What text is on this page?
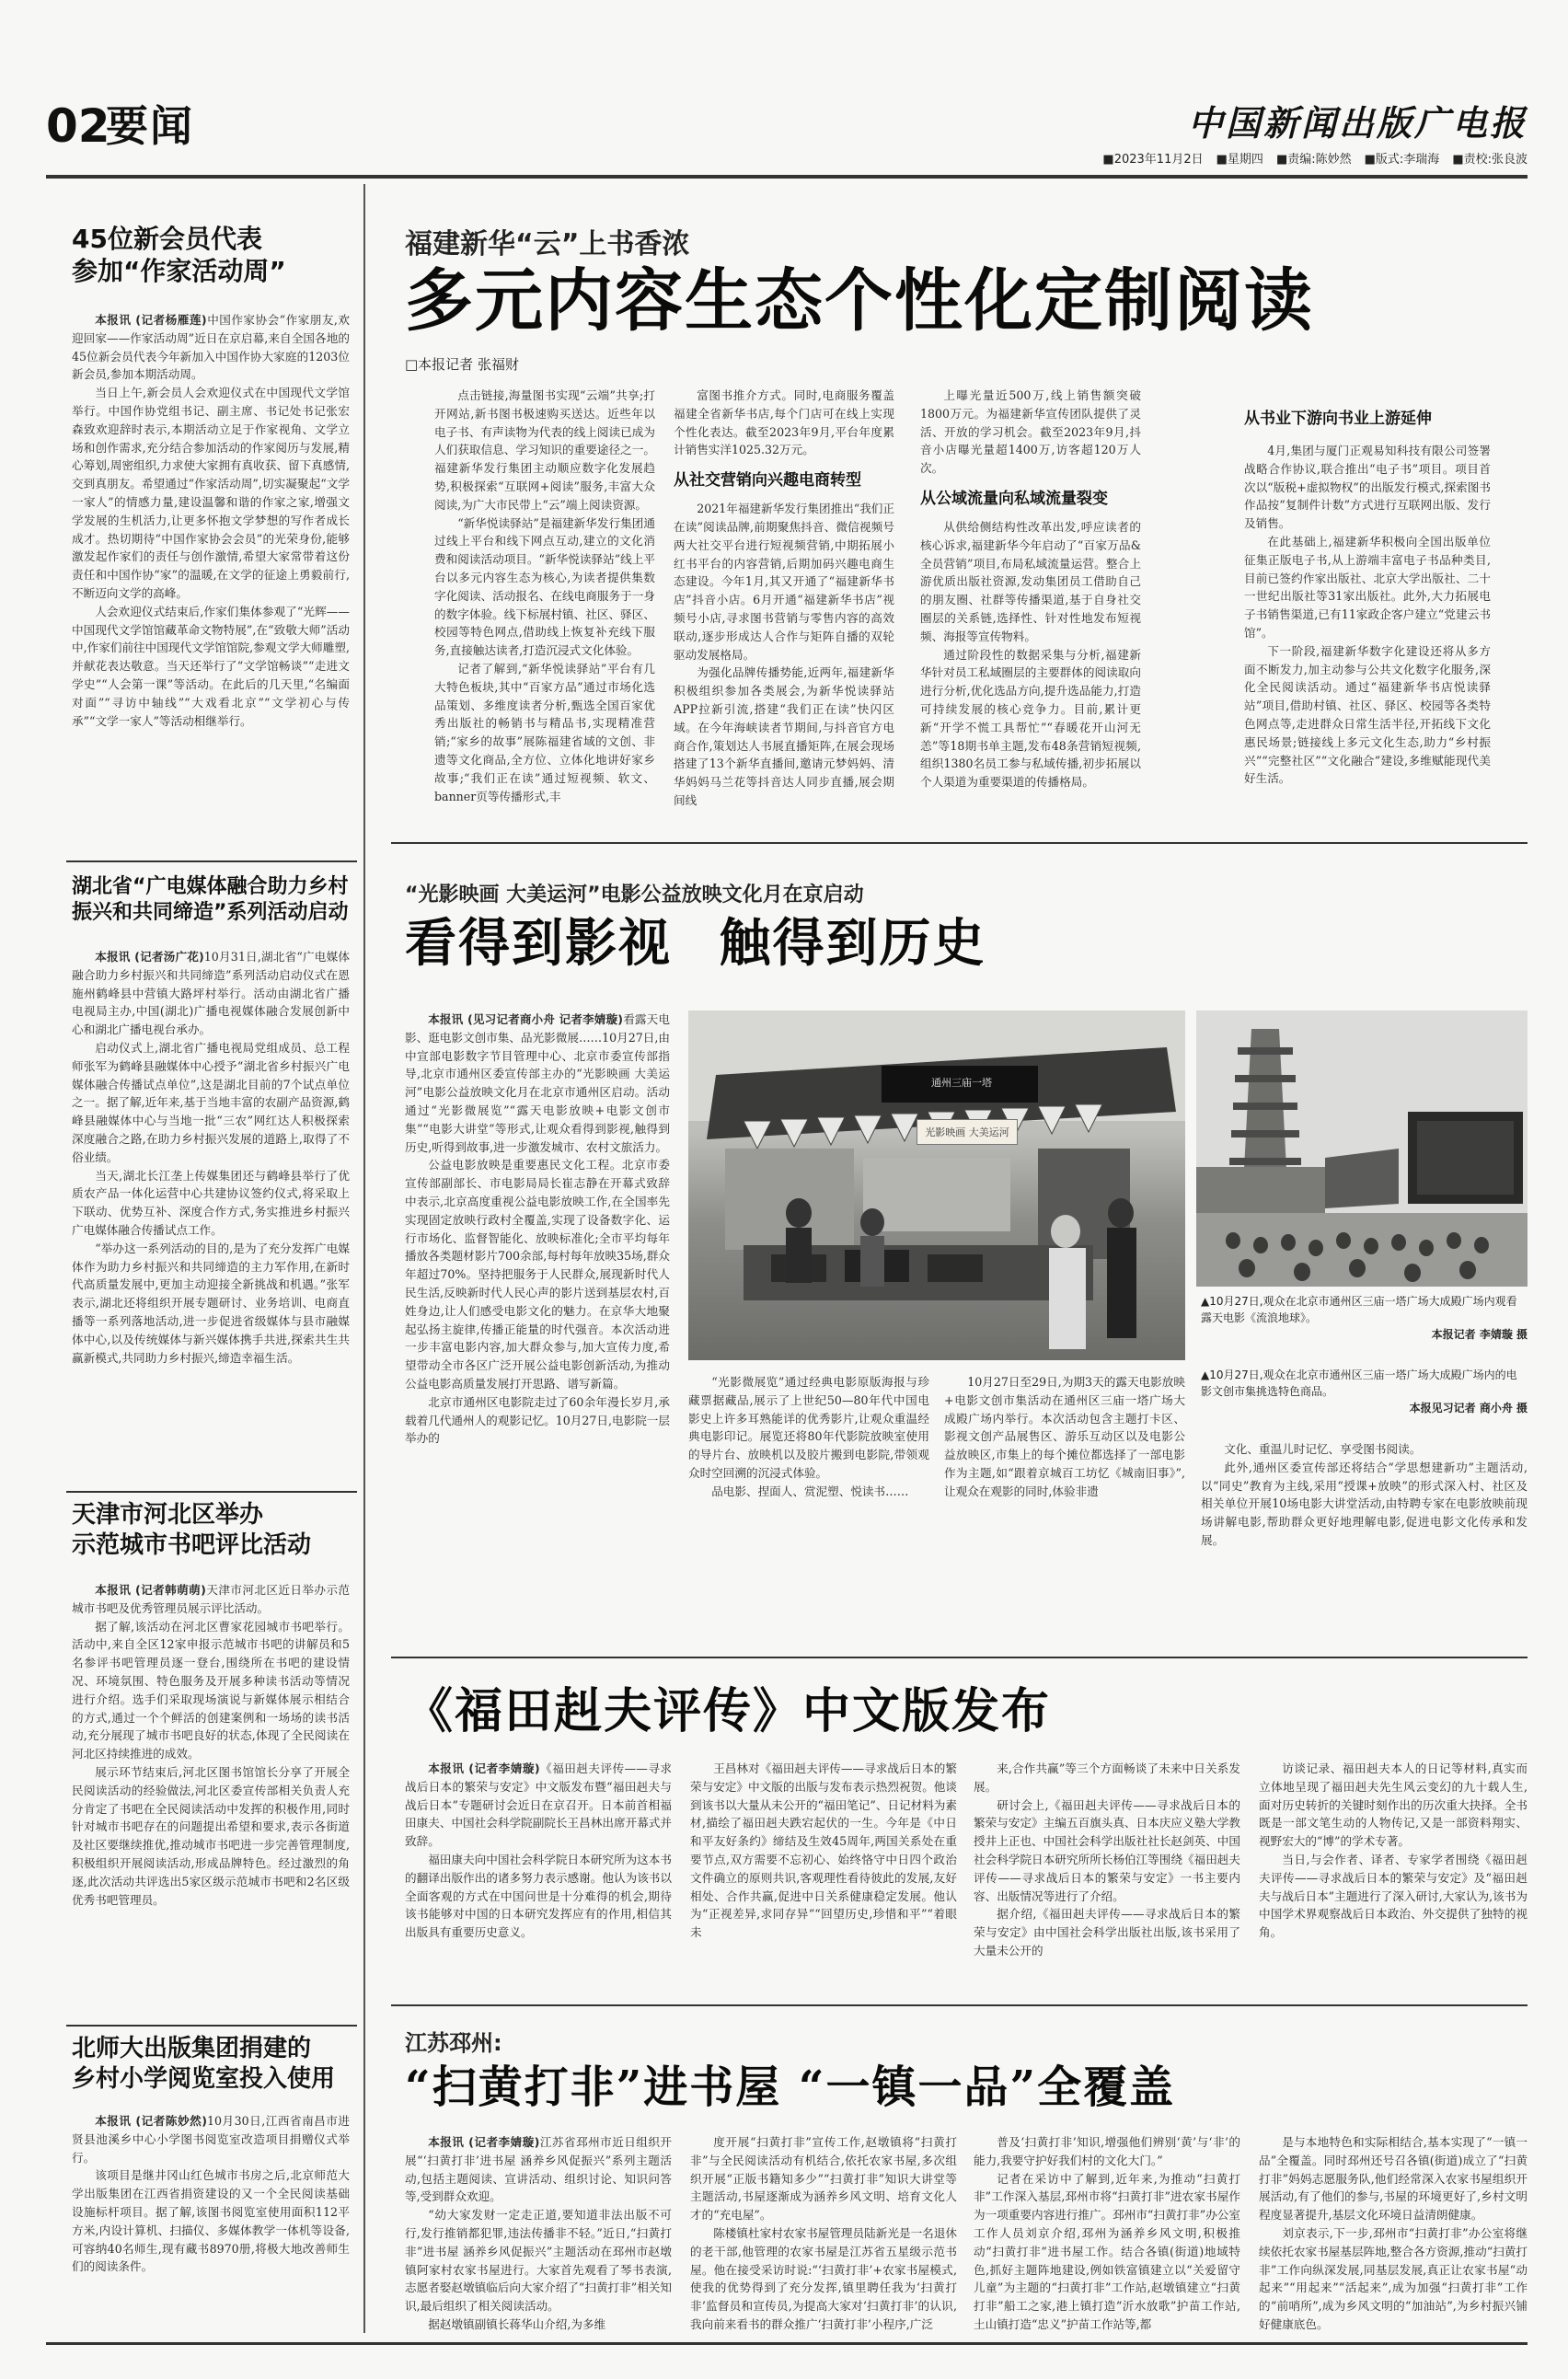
02
要闻	中国新闻出版广电报
■2023年11月2日 ■星期四 ■责编:陈妙然 ■版式:李瑞海 ■责校:张良波
45位新会员代表
参加“作家活动周”

本报讯 (记者杨雁莲)中国作家协会“作家朋友,欢迎回家——作家活动周”近日在京启幕,来自全国各地的45位新会员代表今年新加入中国作协大家庭的1203位新会员,参加本期活动周。

当日上午,新会员人会欢迎仪式在中国现代文学馆举行。中国作协党组书记、副主席、书记处书记张宏森致欢迎辞时表示,本期活动立足于作家视角、文学立场和创作需求,充分结合参加活动的作家阅历与发展,精心筹划,周密组织,力求使大家拥有真收获、留下真感情,交到真朋友。希望通过“作家活动周”,切实凝聚起“文学一家人”的情感力量,建设温馨和谐的作家之家,增强文学发展的生机活力,让更多怀抱文学梦想的写作者成长成才。热切期待“中国作家协会会员”的光荣身份,能够激发起作家们的责任与创作激情,希望大家常带着这份责任和中国作协“家”的温暖,在文学的征途上勇毅前行,不断迈向文学的高峰。

人会欢迎仪式结束后,作家们集体参观了“光辉——中国现代文学馆馆藏革命文物特展”,在“致敬大师”活动中,作家们前往中国现代文学馆馆院,参观文学大师雕塑,并献花表达敬意。当天还举行了“文学馆畅谈”“走进文学史”“人会第一课”等活动。在此后的几天里,“名编面对面”“寻访中轴线”“大戏看北京”“文学初心与传承”“文学一家人”等活动相继举行。

湖北省“广电媒体融合助力乡村
振兴和共同缔造”系列活动启动

本报讯 (记者汤广花)10月31日,湖北省“广电媒体融合助力乡村振兴和共同缔造”系列活动启动仪式在恩施州鹤峰县中营镇大路坪村举行。活动由湖北省广播电视局主办,中国(湖北)广播电视媒体融合发展创新中心和湖北广播电视台承办。

启动仪式上,湖北省广播电视局党组成员、总工程师张军为鹤峰县融媒体中心授予“湖北省乡村振兴广电媒体融合传播试点单位”,这是湖北目前的7个试点单位之一。据了解,近年来,基于当地丰富的农副产品资源,鹤峰县融媒体中心与当地一批“三农”网红达人积极探索深度融合之路,在助力乡村振兴发展的道路上,取得了不俗业绩。

当天,湖北长江垄上传媒集团还与鹤峰县举行了优质农产品一体化运营中心共建协议签约仪式,将采取上下联动、优势互补、深度合作方式,务实推进乡村振兴广电媒体融合传播试点工作。

“举办这一系列活动的目的,是为了充分发挥广电媒体作为助力乡村振兴和共同缔造的主力军作用,在新时代高质量发展中,更加主动迎接全新挑战和机遇。”张军表示,湖北还将组织开展专题研讨、业务培训、电商直播等一系列落地活动,进一步促进省级媒体与县市融媒体中心,以及传统媒体与新兴媒体携手共进,探索共生共赢新模式,共同助力乡村振兴,缔造幸福生活。

天津市河北区举办
示范城市书吧评比活动

本报讯 (记者韩萌萌)天津市河北区近日举办示范城市书吧及优秀管理员展示评比活动。

据了解,该活动在河北区曹家花园城市书吧举行。活动中,来自全区12家申报示范城市书吧的讲解员和5名参评书吧管理员逐一登台,围绕所在书吧的建设情况、环境氛围、特色服务及开展多种读书活动等情况进行介绍。选手们采取现场演说与新媒体展示相结合的方式,通过一个个鲜活的创建案例和一场场的读书活动,充分展现了城市书吧良好的状态,体现了全民阅读在河北区持续推进的成效。

展示环节结束后,河北区图书馆馆长分享了开展全民阅读活动的经验做法,河北区委宣传部相关负责人充分肯定了书吧在全民阅读活动中发挥的积极作用,同时针对城市书吧存在的问题提出希望和要求,表示各街道及社区要继续推优,推动城市书吧进一步完善管理制度,积极组织开展阅读活动,形成品牌特色。经过激烈的角逐,此次活动共评选出5家区级示范城市书吧和2名区级优秀书吧管理员。

北师大出版集团捐建的
乡村小学阅览室投入使用

本报讯 (记者陈妙然)10月30日,江西省南昌市进贤县池溪乡中心小学图书阅览室改造项目捐赠仪式举行。

该项目是继井冈山红色城市书房之后,北京师范大学出版集团在江西省捐资建设的又一个全民阅读基础设施标杆项目。据了解,该图书阅览室使用面积112平方米,内设计算机、扫描仪、多媒体教学一体机等设备,可容纳40名师生,现有藏书8970册,将极大地改善师生们的阅读条件。

福建新华“云”上书香浓
多元内容生态个性化定制阅读
□本报记者 张福财

点击链接,海量图书实现“云端”共享;打开网站,新书图书极速购买送达。近些年以电子书、有声读物为代表的线上阅读已成为人们获取信息、学习知识的重要途径之一。福建新华发行集团主动顺应数字化发展趋势,积极探索“互联网+阅读”服务,丰富大众阅读,为广大市民带上“云”端上阅读资源。

“新华悦读驿站”是福建新华发行集团通过线上平台和线下网点互动,建立的文化消费和阅读活动项目。“新华悦读驿站”线上平台以多元内容生态为核心,为读者提供集数字化阅读、活动报名、在线电商服务于一身的数字体验。线下标展村镇、社区、驿区、校园等特色网点,借助线上恢复补充线下服务,直接触达读者,打造沉浸式文化体验。

记者了解到,“新华悦读驿站”平台有几大特色板块,其中“百家方品”通过市场化选品策划、多维度读者分析,甄选全国百家优秀出版社的畅销书与精品书,实现精准营销;“家乡的故事”展陈福建省域的文创、非遗等文化商品,全方位、立体化地讲好家乡故事;“我们正在读”通过短视频、软文、banner页等传播形式,丰

富图书推介方式。同时,电商服务覆盖福建全省新华书店,每个门店可在线上实现个性化表达。截至2023年9月,平台年度累计销售实洋1025.32万元。

从社交营销向兴趣电商转型

2021年福建新华发行集团推出“我们正在读”阅读品牌,前期聚焦抖音、微信视频号两大社交平台进行短视频营销,中期拓展小红书平台的内容营销,后期加码兴趣电商生态建设。今年1月,其又开通了“福建新华书店”抖音小店。6月开通“福建新华书店”视频号小店,寻求图书营销与零售内容的高效联动,逐步形成达人合作与矩阵自播的双轮驱动发展格局。

为强化品牌传播势能,近两年,福建新华积极组织参加各类展会,为新华悦读驿站APP拉新引流,搭建“我们正在读”快闪区域。在今年海峡读者节期间,与抖音官方电商合作,策划达人书展直播矩阵,在展会现场搭建了13个新华直播间,邀请元梦妈妈、清华妈妈马兰花等抖音达人同步直播,展会期间线

上曝光量近500万,线上销售额突破1800万元。为福建新华宣传团队提供了灵活、开放的学习机会。截至2023年9月,抖音小店曝光量超1400万,访客超120万人次。

从公域流量向私域流量裂变

从供给侧结构性改革出发,呼应读者的核心诉求,福建新华今年启动了“百家万品&全员营销”项目,布局私域流量运营。整合上游优质出版社资源,发动集团员工借助自己的朋友圈、社群等传播渠道,基于自身社交圈层的关系链,选择性、针对性地发布短视频、海报等宣传物料。

通过阶段性的数据采集与分析,福建新华针对员工私域圈层的主要群体的阅读取向进行分析,优化选品方向,提升选品能力,打造可持续发展的核心竞争力。目前,累计更新“开学不慌工具帮忙”“春暖花开山河无恙”等18期书单主题,发布48条营销短视频,组织1380名员工参与私域传播,初步拓展以个人渠道为重要渠道的传播格局。

从书业下游向书业上游延伸

4月,集团与厦门正观易知科技有限公司签署战略合作协议,联合推出“电子书”项目。项目首次以“版税+虚拟物权”的出版发行模式,探索图书作品按“复制件计数”方式进行互联网出版、发行及销售。

在此基础上,福建新华积极向全国出版单位征集正版电子书,从上游端丰富电子书品种类目,目前已签约作家出版社、北京大学出版社、二十一世纪出版社等31家出版社。此外,大力拓展电子书销售渠道,已有11家政企客户建立“党建云书馆”。

下一阶段,福建新华数字化建设还将从多方面不断发力,加主动参与公共文化数字化服务,深化全民阅读活动。通过“福建新华书店悦读驿站”项目,借助村镇、社区、驿区、校园等各类特色网点等,走进群众日常生活半径,开拓线下文化惠民场景;链接线上多元文化生态,助力“乡村振兴”“完整社区”“文化融合”建设,多维赋能现代美好生活。

“光影映画 大美运河”电影公益放映文化月在京启动
看得到影视 触得到历史

本报讯 (见习记者商小舟 记者李婧璇)看露天电影、逛电影文创市集、品光影微展……10月27日,由中宣部电影数字节目管理中心、北京市委宣传部指导,北京市通州区委宣传部主办的“光影映画 大美运河”电影公益放映文化月在北京市通州区启动。活动通过“光影微展览”“露天电影放映+电影文创市集”“电影大讲堂”等形式,让观众看得到影视,触得到历史,听得到故事,进一步激发城市、农村文旅活力。

公益电影放映是重要惠民文化工程。北京市委宣传部副部长、市电影局局长崔志静在开幕式致辞中表示,北京高度重视公益电影放映工作,在全国率先实现固定放映行政村全覆盖,实现了设备数字化、运行市场化、监督智能化、放映标准化;全市平均每年播放各类题材影片700余部,每村每年放映35场,群众年超过70%。坚持把服务于人民群众,展现新时代人民生活,反映新时代人民心声的影片送到基层农村,百姓身边,让人们感受电影文化的魅力。在京华大地聚起弘扬主旋律,传播正能量的时代强音。本次活动进一步丰富电影内容,加大群众参与,加大宣传力度,希望带动全市各区广泛开展公益电影创新活动,为推动公益电影高质量发展打开思路、谱写新篇。

北京市通州区电影院走过了60余年漫长岁月,承载着几代通州人的观影记忆。10月27日,电影院一层举办的

光影映画 大美运河
通州三庙一塔
▲10月27日,观众在北京市通州区三庙一塔广场大成殿广场内观看露天电影《流浪地球》。
本报记者 李婧璇 摄
▲10月27日,观众在北京市通州区三庙一塔广场大成殿广场内的电影文创市集挑选特色商品。
本报见习记者 商小舟 摄

“光影微展览”通过经典电影原版海报与珍藏票据藏品,展示了上世纪50—80年代中国电影史上许多耳熟能详的优秀影片,让观众重温经典电影印记。展览还将80年代影院放映室使用的导片台、放映机以及胶片搬到电影院,带领观众时空回溯的沉浸式体验。

品电影、捏面人、赏泥塑、悦读书……

10月27日至29日,为期3天的露天电影放映+电影文创市集活动在通州区三庙一塔广场大成殿广场内举行。本次活动包含主题打卡区、影视文创产品展售区、游乐互动区以及电影公益放映区,市集上的每个摊位都选择了一部电影作为主题,如“跟着京城百工坊忆《城南旧事》”,让观众在观影的同时,体验非遗

文化、重温儿时记忆、享受图书阅读。

此外,通州区委宣传部还将结合“学思想建新功”主题活动,以“同史”教育为主线,采用“授课+放映”的形式深入村、社区及相关单位开展10场电影大讲堂活动,由特聘专家在电影放映前现场讲解电影,帮助群众更好地理解电影,促进电影文化传承和发展。

《福田赳夫评传》中文版发布

本报讯 (记者李婧璇)《福田赳夫评传——寻求战后日本的繁荣与安定》中文版发布暨“福田赳夫与战后日本”专题研讨会近日在京召开。日本前首相福田康夫、中国社会科学院副院长王昌林出席开幕式并致辞。

福田康夫向中国社会科学院日本研究所为这本书的翻译出版作出的诸多努力表示感谢。他认为该书以全面客观的方式在中国问世是十分难得的机会,期待该书能够对中国的日本研究发挥应有的作用,相信其出版具有重要历史意义。

王昌林对《福田赳夫评传——寻求战后日本的繁荣与安定》中文版的出版与发布表示热烈祝贺。他谈到该书以大量从未公开的“福田笔记”、日记材料为素材,描绘了福田赳夫跌宕起伏的一生。今年是《中日和平友好条约》缔结及生效45周年,两国关系处在重要节点,双方需要不忘初心、始终恪守中日四个政治文件确立的原则共识,客观理性看待彼此的发展,友好相处、合作共赢,促进中日关系健康稳定发展。他认为“正视差异,求同存异”“回望历史,珍惜和平”“着眼未

来,合作共赢”等三个方面畅谈了未来中日关系发展。

研讨会上,《福田赳夫评传——寻求战后日本的繁荣与安定》主编五百旗头真、日本庆应义塾大学教授井上正也、中国社会科学出版社社长赵剑英、中国社会科学院日本研究所所长杨伯江等围绕《福田赳夫评传——寻求战后日本的繁荣与安定》一书主要内容、出版情况等进行了介绍。

据介绍,《福田赳夫评传——寻求战后日本的繁荣与安定》由中国社会科学出版社出版,该书采用了大量未公开的

访谈记录、福田赳夫本人的日记等材料,真实而立体地呈现了福田赳夫先生风云变幻的九十载人生,面对历史转折的关键时刻作出的历次重大抉择。全书既是一部文笔生动的人物传记,又是一部资料翔实、视野宏大的“博”的学术专著。

当日,与会作者、译者、专家学者围绕《福田赳夫评传——寻求战后日本的繁荣与安定》及“福田赳夫与战后日本”主题进行了深入研讨,大家认为,该书为中国学术界观察战后日本政治、外交提供了独特的视角。

江苏邳州:
“扫黄打非”进书屋 “一镇一品”全覆盖

本报讯 (记者李婧璇)江苏省邳州市近日组织开展“‘扫黄打非’进书屋 涵养乡风促振兴”系列主题活动,包括主题阅读、宣讲活动、组织讨论、知识问答等,受到群众欢迎。

“幼大家发财一定走正道,要知道非法出版不可行,发行推销都犯罪,违法传播非不轻。”近日,“扫黄打非”进书屋 涵养乡风促振兴”主题活动在邳州市赵墩镇阿家村农家书屋进行。大家首先观看了琴书表演,志愿者娶赵墩镇临后向大家介绍了“扫黄打非”相关知识,最后组织了相关阅读活动。

据赵墩镇副镇长蒋华山介绍,为多维

度开展“扫黄打非”宣传工作,赵墩镇将“扫黄打非”与全民阅读活动有机结合,依托农家书屋,多次组织开展“正版书籍知多少”“扫黄打非”知识大讲堂等主题活动,书屋逐渐成为涵养乡风文明、培育文化人才的“充电屋”。

陈楼镇杜家村农家书屋管理员陆新光是一名退休的老干部,他管理的农家书屋是江苏省五星级示范书屋。他在接受采访时说:“‘扫黄打非’+农家书屋模式,使我的优势得到了充分发挥,镇里聘任我为‘扫黄打非’监督员和宣传员,为提高大家对‘扫黄打非’的认识,我向前来看书的群众推广‘扫黄打非’小程序,广泛

普及‘扫黄打非’知识,增强他们辨别‘黄’与‘非’的能力,我要守护好我们村的文化大门。”

记者在采访中了解到,近年来,为推动“扫黄打非”工作深入基层,邳州市将“扫黄打非”进农家书屋作为一项重要内容进行推广。邳州市“扫黄打非”办公室工作人员刘京介绍,邳州为涵养乡风文明,积极推动“扫黄打非”进书屋工作。结合各镇(街道)地域特色,抓好主题阵地建设,例如铁富镇建立以“关爱留守儿童”为主题的“扫黄打非”工作站,赵墩镇建立“扫黄打非”船工之家,港上镇打造“沂水放歌”护苗工作站,土山镇打造“忠义”护苗工作站等,都

是与本地特色和实际相结合,基本实现了“一镇一品”全覆盖。同时邳州还号召各镇(街道)成立了“扫黄打非”妈妈志愿服务队,他们经常深入农家书屋组织开展活动,有了他们的参与,书屋的环境更好了,乡村文明程度显著提升,基层文化环境日益清朗健康。

刘京表示,下一步,邳州市“扫黄打非”办公室将继续依托农家书屋基层阵地,整合各方资源,推动“扫黄打非”工作向纵深发展,同基层发展,真正让农家书屋“动起来”“用起来”“活起来”,成为加强“扫黄打非”工作的“前哨所”,成为乡风文明的“加油站”,为乡村振兴铺好健康底色。
